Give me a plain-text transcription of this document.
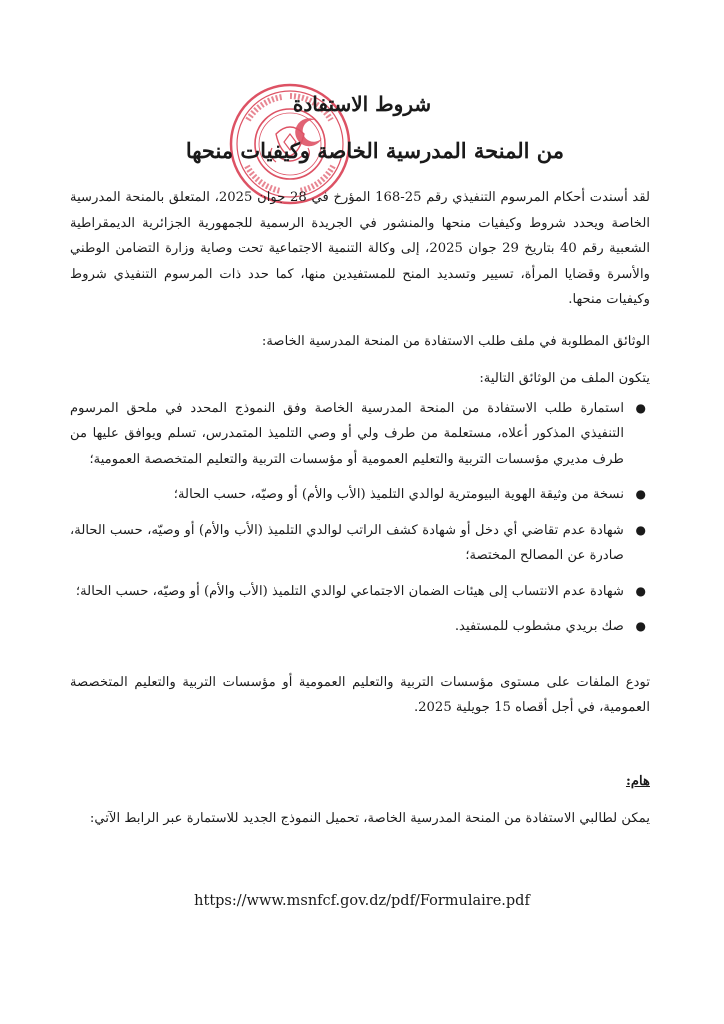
شروط الاستفادة
من المنحة المدرسية الخاصة وكيفيات منحها

لقد أسندت أحكام المرسوم التنفيذي رقم 25-168 المؤرخ في 28 جوان 2025، المتعلق بالمنحة المدرسية الخاصة ويحدد شروط وكيفيات منحها والمنشور في الجريدة الرسمية للجمهورية الجزائرية الديمقراطية الشعبية رقم 40 بتاريخ 29 جوان 2025، إلى وكالة التنمية الاجتماعية تحت وصاية وزارة التضامن الوطني والأسرة وقضايا المرأة، تسيير وتسديد المنح للمستفيدين منها، كما حدد ذات المرسوم التنفيذي شروط وكيفيات منحها.

الوثائق المطلوبة في ملف طلب الاستفادة من المنحة المدرسية الخاصة:

يتكون الملف من الوثائق التالية:

●
استمارة طلب الاستفادة من المنحة المدرسية الخاصة وفق النموذج المحدد في ملحق المرسوم التنفيذي المذكور أعلاه، مستعلمة من طرف ولي أو وصي التلميذ المتمدرس، تسلم ويوافق عليها من طرف مديري مؤسسات التربية والتعليم العمومية أو مؤسسات التربية والتعليم المتخصصة العمومية؛
●
نسخة من وثيقة الهوية البيومترية لوالدي التلميذ (الأب والأم) أو وصيّه، حسب الحالة؛
●
شهادة عدم تقاضي أي دخل أو شهادة كشف الراتب لوالدي التلميذ (الأب والأم) أو وصيّه، حسب الحالة، صادرة عن المصالح المختصة؛
●
شهادة عدم الانتساب إلى هيئات الضمان الاجتماعي لوالدي التلميذ (الأب والأم) أو وصيّه، حسب الحالة؛
●
صك بريدي مشطوب للمستفيد.

تودع الملفات على مستوى مؤسسات التربية والتعليم العمومية أو مؤسسات التربية والتعليم المتخصصة العمومية، في أجل أقصاه 15 جويلية 2025.

هام:

يمكن لطالبي الاستفادة من المنحة المدرسية الخاصة، تحميل النموذج الجديد للاستمارة عبر الرابط الآتي:

https://www.msnfcf.gov.dz/pdf/Formulaire.pdf
